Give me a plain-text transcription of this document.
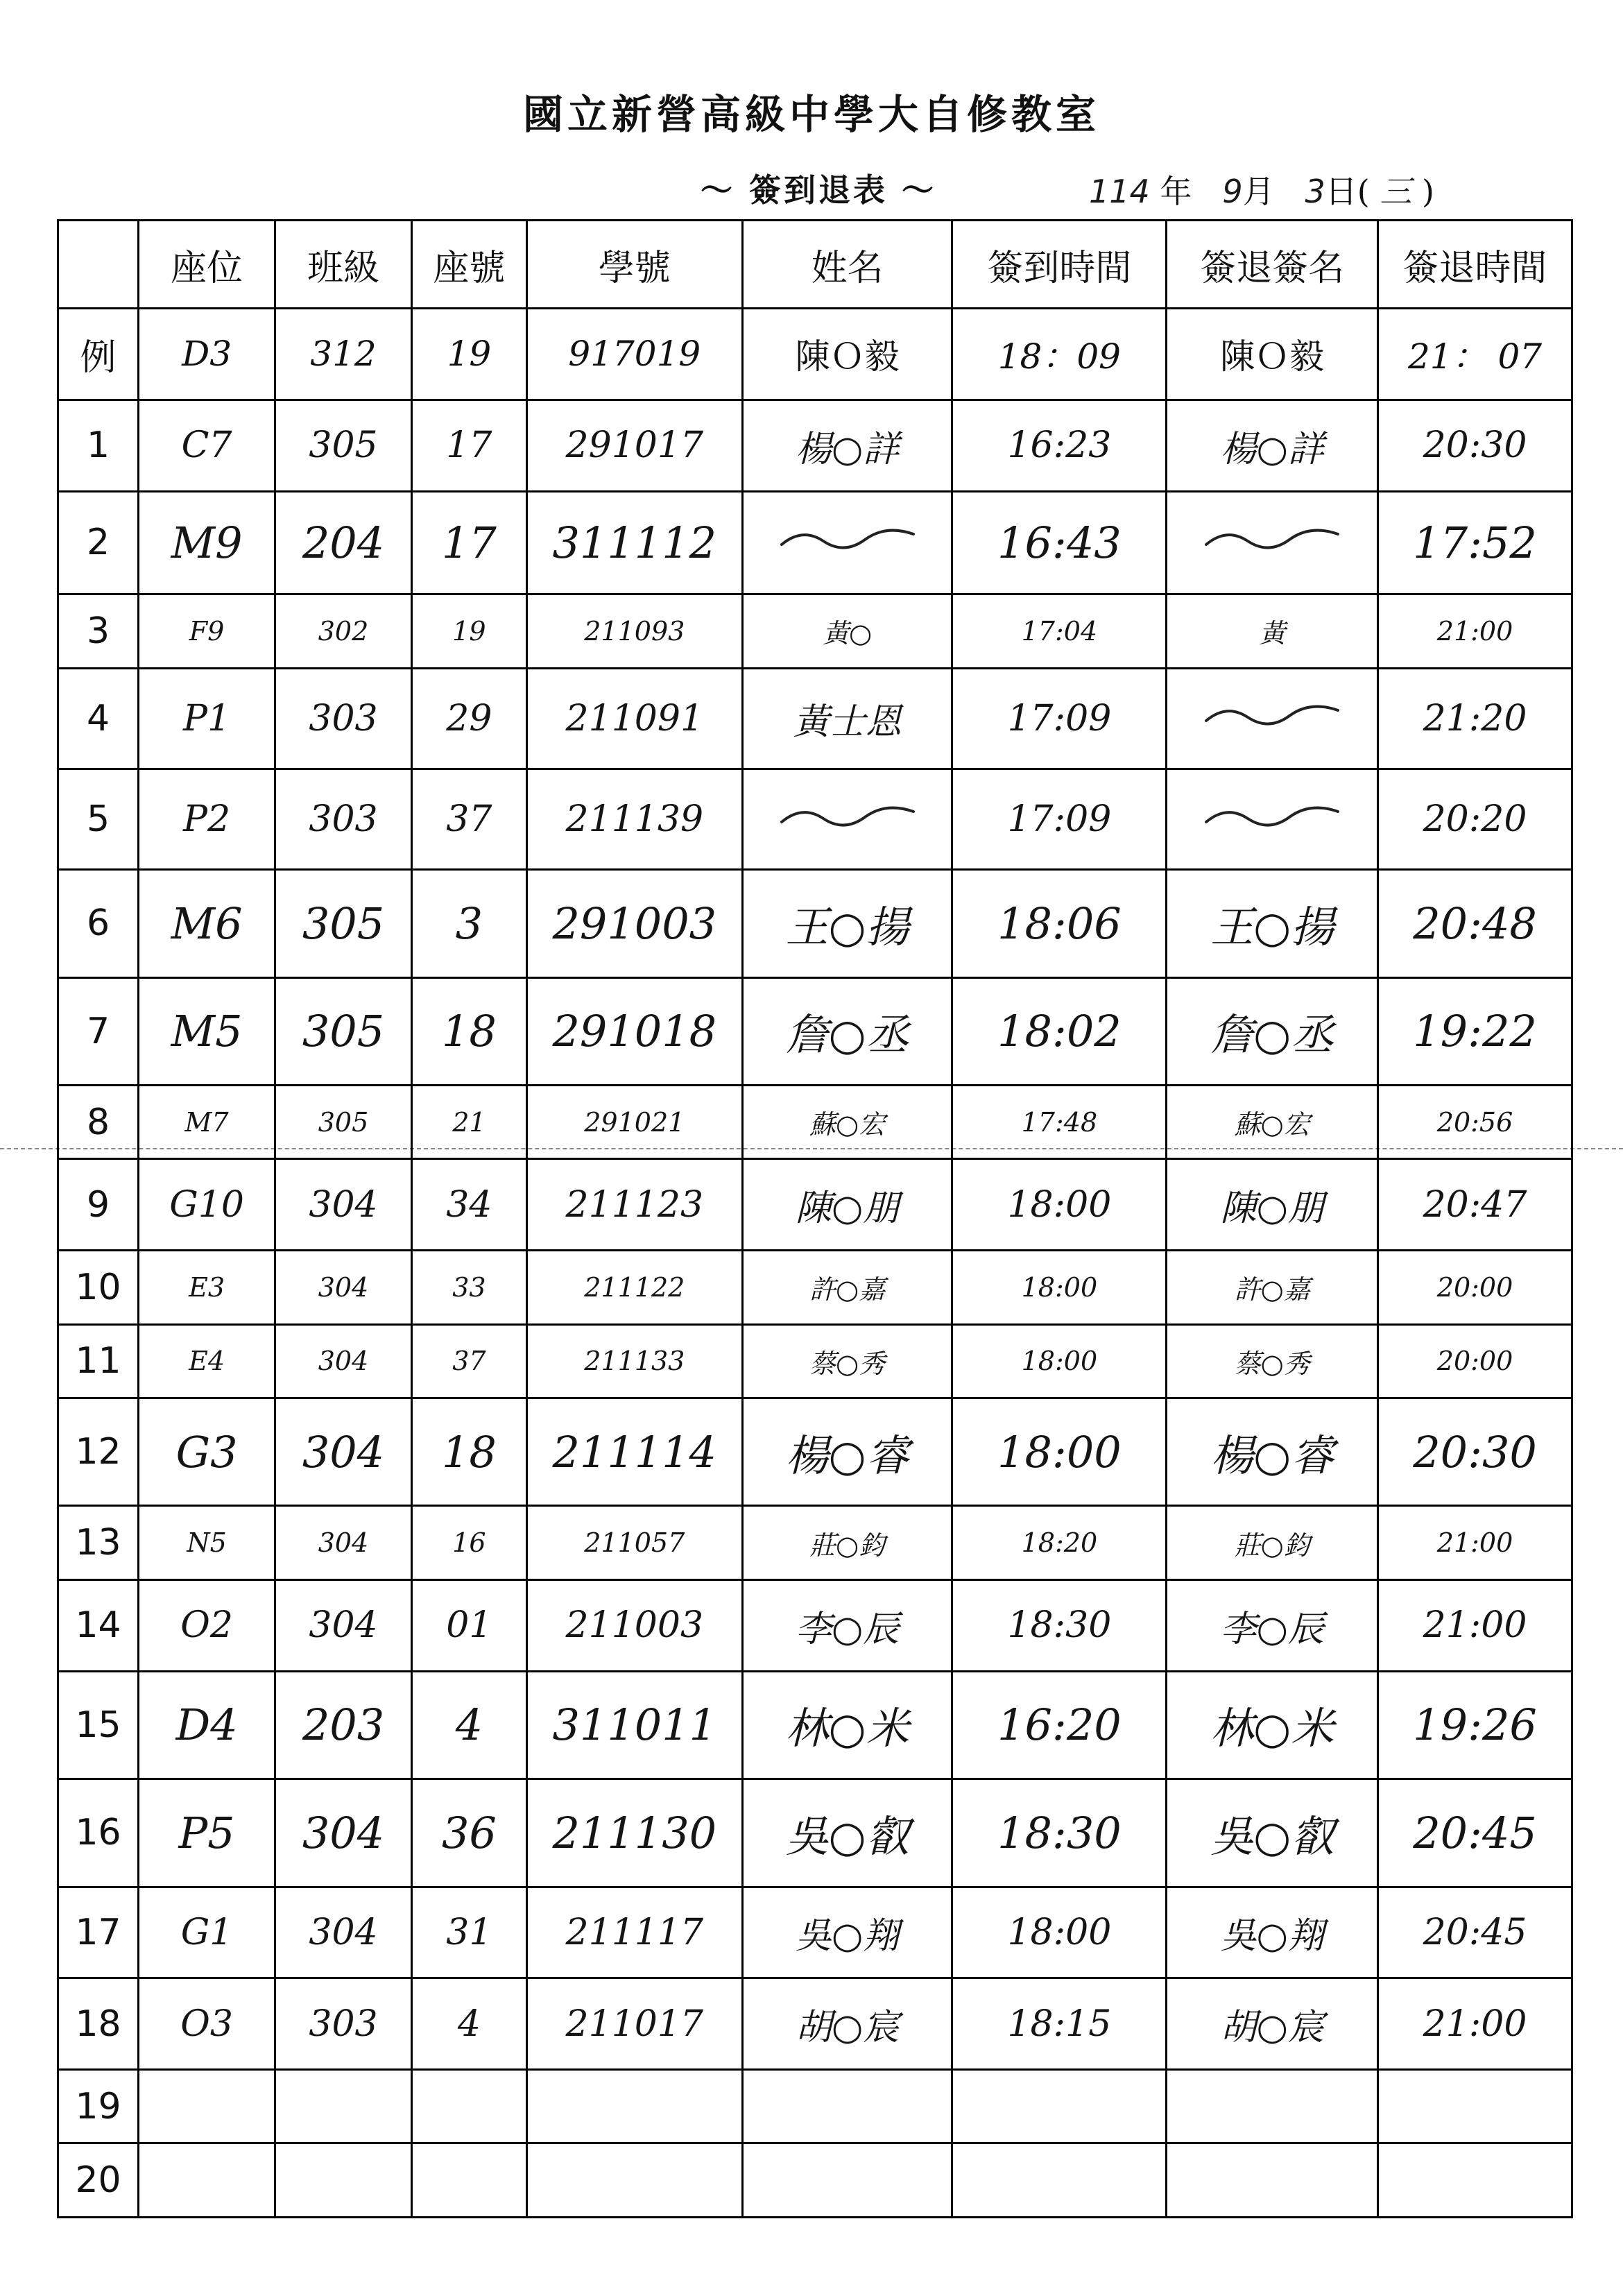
國立新營高級中學大自修教室
～ 簽到退表 ～	114 年 9月 3日( 三 )
	座位	班級	座號	學號	姓名	簽到時間	簽退簽名	簽退時間
例	D3	312	19	917019	陳Ｏ毅	18：09	陳Ｏ毅	21： 07
1	C7	305	17	291017	楊○詳	16:23	楊○詳	20:30
2	M9	204	17	311112		16:43		17:52
3	F9	302	19	211093	黃○	17:04	黃	21:00
4	P1	303	29	211091	黃士恩	17:09		21:20
5	P2	303	37	211139		17:09		20:20
6	M6	305	3	291003	王○揚	18:06	王○揚	20:48
7	M5	305	18	291018	詹○丞	18:02	詹○丞	19:22
8	M7	305	21	291021	蘇○宏	17:48	蘇○宏	20:56
9	G10	304	34	211123	陳○朋	18:00	陳○朋	20:47
10	E3	304	33	211122	許○嘉	18:00	許○嘉	20:00
11	E4	304	37	211133	蔡○秀	18:00	蔡○秀	20:00
12	G3	304	18	211114	楊○睿	18:00	楊○睿	20:30
13	N5	304	16	211057	莊○鈞	18:20	莊○鈞	21:00
14	O2	304	01	211003	李○辰	18:30	李○辰	21:00
15	D4	203	4	311011	林○米	16:20	林○米	19:26
16	P5	304	36	211130	吳○叡	18:30	吳○叡	20:45
17	G1	304	31	211117	吳○翔	18:00	吳○翔	20:45
18	O3	303	4	211017	胡○宸	18:15	胡○宸	21:00
19								
20								
